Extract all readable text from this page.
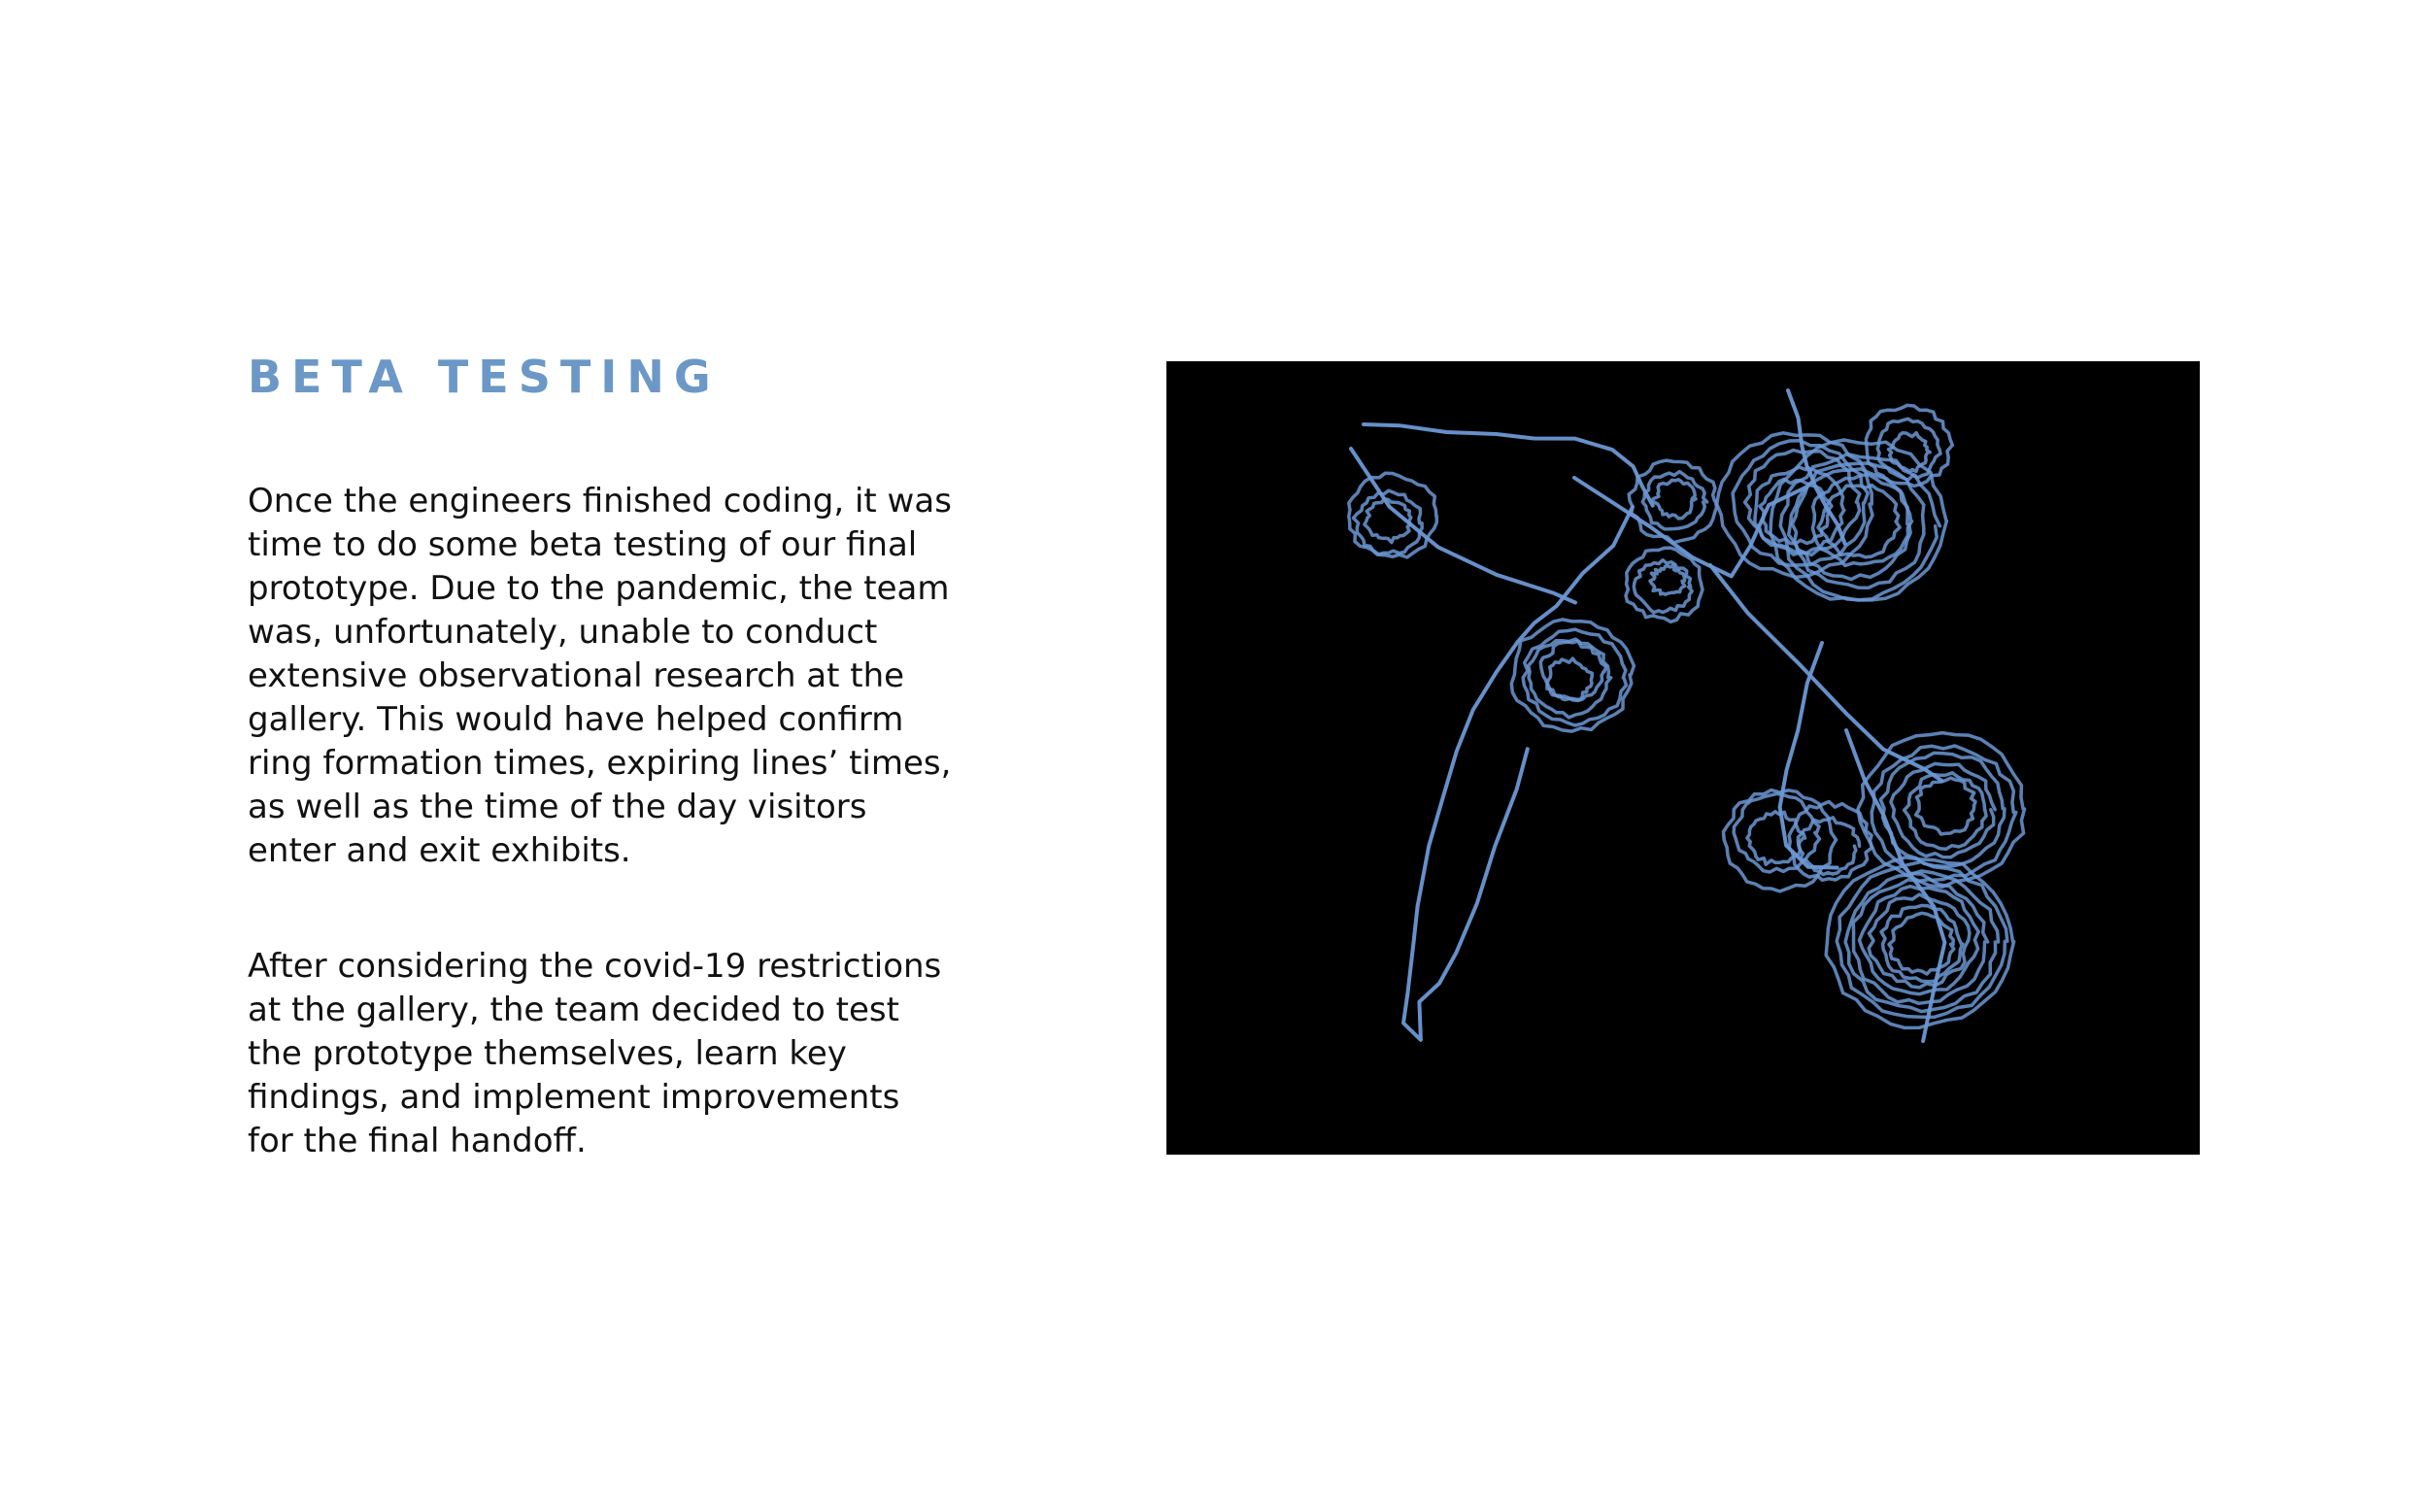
BETA TESTING

Once the engineers finished coding, it was
time to do some beta testing of our final
prototype. Due to the pandemic, the team
was, unfortunately, unable to conduct
extensive observational research at the
gallery. This would have helped confirm
ring formation times, expiring lines’ times,
as well as the time of the day visitors
enter and exit exhibits.

After considering the covid-19 restrictions
at the gallery, the team decided to test
the prototype themselves, learn key
findings, and implement improvements
for the final handoff.
